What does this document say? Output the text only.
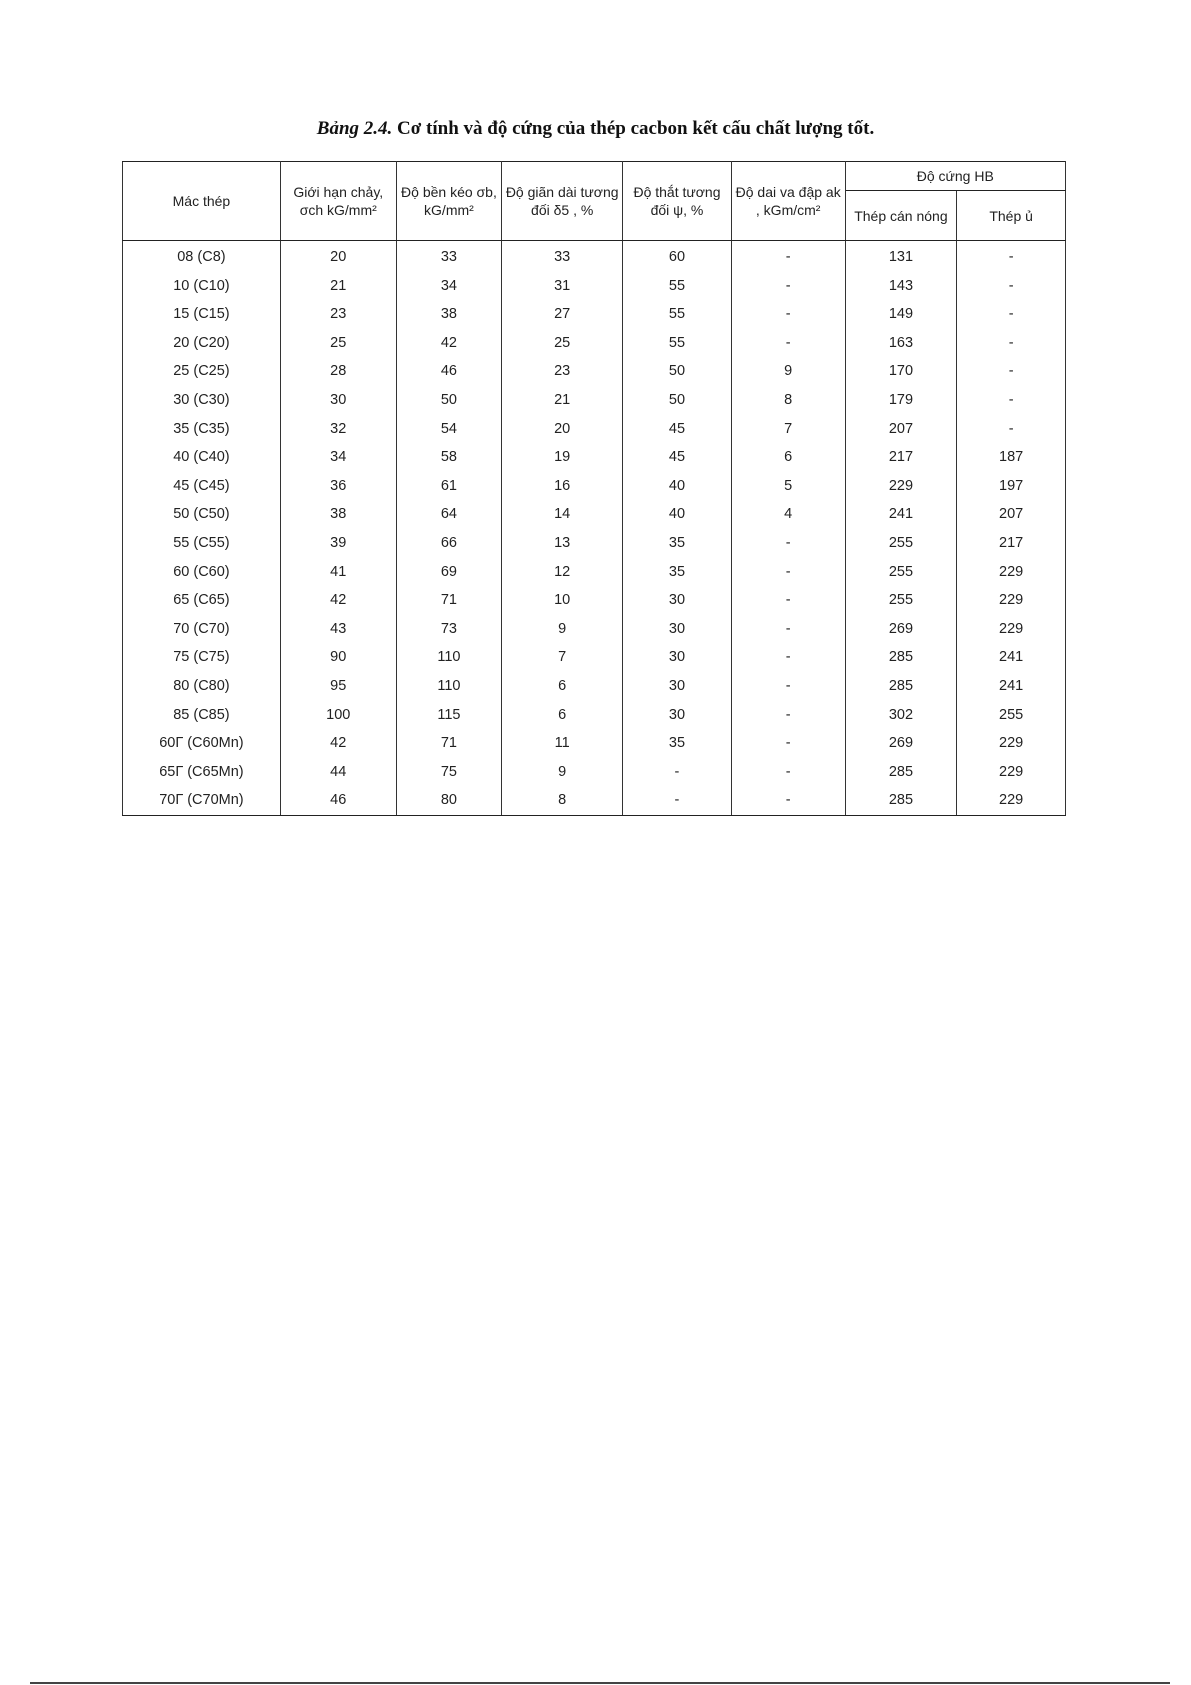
Bảng 2.4. Cơ tính và độ cứng của thép cacbon kết cấu chất lượng tốt.
Mác thép	Giới hạn chảy, σch kG/mm²	Độ bền kéo σb, kG/mm²	Độ giãn dài tương đối δ5 , %	Độ thắt tương đối ψ, %	Độ dai va đập ak , kGm/cm²	Độ cứng HB	
						Thép cán nóng	Thép ủ
08 (C8)	20	33	33	60	-	131	-
10 (C10)	21	34	31	55	-	143	-
15 (C15)	23	38	27	55	-	149	-
20 (C20)	25	42	25	55	-	163	-
25 (C25)	28	46	23	50	9	170	-
30 (C30)	30	50	21	50	8	179	-
35 (C35)	32	54	20	45	7	207	-
40 (C40)	34	58	19	45	6	217	187
45 (C45)	36	61	16	40	5	229	197
50 (C50)	38	64	14	40	4	241	207
55 (C55)	39	66	13	35	-	255	217
60 (C60)	41	69	12	35	-	255	229
65 (C65)	42	71	10	30	-	255	229
70 (C70)	43	73	9	30	-	269	229
75 (C75)	90	110	7	30	-	285	241
80 (C80)	95	110	6	30	-	285	241
85 (C85)	100	115	6	30	-	302	255
60Г (C60Mn)	42	71	11	35	-	269	229
65Г (C65Mn)	44	75	9	-	-	285	229
70Г (C70Mn)	46	80	8	-	-	285	229
